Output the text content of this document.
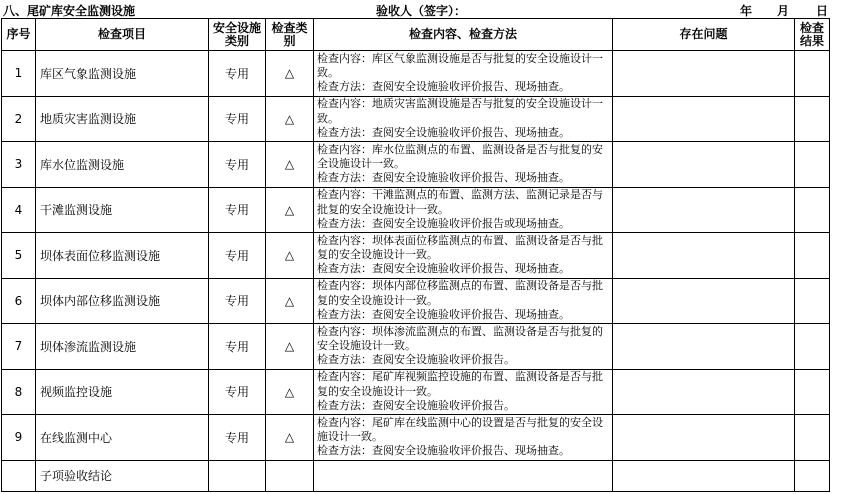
八、尾矿库安全监测设施	验收人（签字）：	年 月 日
序号	检查项目	安全设施类别	检查类别	检查内容、检查方法	存在问题	检查结果
1	库区气象监测设施	专用	△	检查内容：库区气象监测设施是否与批复的安全设施设计一致。
检查方法：查阅安全设施验收评价报告、现场抽查。		

2	地质灾害监测设施	专用	△	检查内容：地质灾害监测设施是否与批复的安全设施设计一致。
检查方法：查阅安全设施验收评价报告、现场抽查。		

3	库水位监测设施	专用	△	检查内容：库水位监测点的布置、监测设备是否与批复的安全设施设计一致。
检查方法：查阅安全设施验收评价报告、现场抽查。		

4	干滩监测设施	专用	△	检查内容：干滩监测点的布置、监测方法、监测记录是否与批复的安全设施设计一致。
检查方法：查阅安全设施验收评价报告或现场抽查。		

5	坝体表面位移监测设施	专用	△	检查内容：坝体表面位移监测点的布置、监测设备是否与批复的安全设施设计一致。
检查方法：查阅安全设施验收评价报告、现场抽查。		

6	坝体内部位移监测设施	专用	△	检查内容：坝体内部位移监测点的布置、监测设备是否与批复的安全设施设计一致。
检查方法：查阅安全设施验收评价报告、现场抽查。		

7	坝体渗流监测设施	专用	△	检查内容：坝体渗流监测点的布置、监测设备是否与批复的安全设施设计一致。
检查方法：查阅安全设施验收评价报告。		

8	视频监控设施	专用	△	检查内容：尾矿库视频监控设施的布置、监测设备是否与批复的安全设施设计一致。
检查方法：查阅安全设施验收评价报告。		

9	在线监测中心	专用	△	检查内容：尾矿库在线监测中心的设置是否与批复的安全设施设计一致。
检查方法：查阅安全设施验收评价报告、现场抽查。		

	子项验收结论					
